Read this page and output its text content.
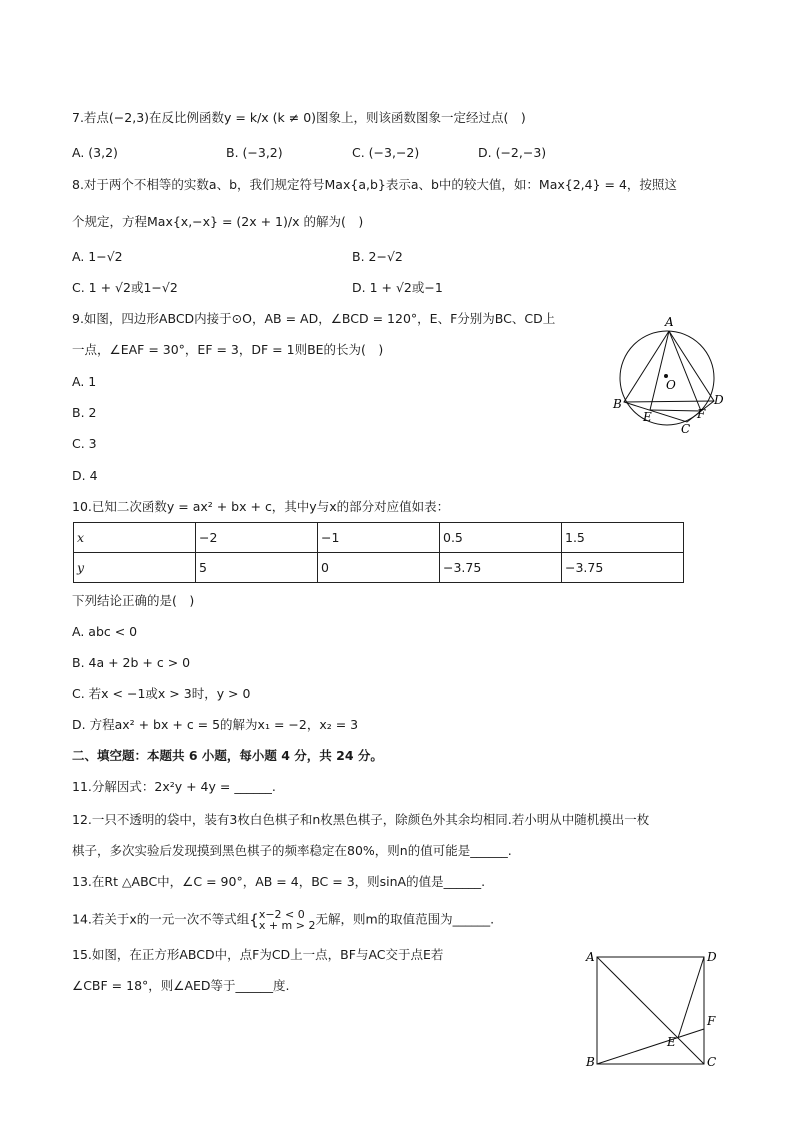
7.若点(−2,3)在反比例函数y = k/x (k ≠ 0)图象上，则该函数图象一定经过点(　)
A. (3,2)	B. (−3,2)	C. (−3,−2)	D. (−2,−3)
8.对于两个不相等的实数a、b，我们规定符号Max{a,b}表示a、b中的较大值，如：Max{2,4} = 4，按照这
个规定，方程Max{x,−x} = (2x + 1)/x 的解为(　)
A. 1−√2	B. 2−√2
C. 1 + √2或1−√2	D. 1 + √2或−1
9.如图，四边形ABCD内接于⊙O，AB = AD，∠BCD = 120°，E、F分别为BC、CD上
一点，∠EAF = 30°，EF = 3，DF = 1则BE的长为(　)
A. 1
B. 2
C. 3
D. 4
A
O
B
E
C
F
D
10.已知二次函数y = ax² + bx + c，其中y与x的部分对应值如表：
x	−2	−1	0.5	1.5
y	5	0	−3.75	−3.75
下列结论正确的是(　)
A. abc < 0
B. 4a + 2b + c > 0
C. 若x < −1或x > 3时，y > 0
D. 方程ax² + bx + c = 5的解为x₁ = −2，x₂ = 3
二、填空题：本题共 6 小题，每小题 4 分，共 24 分。
11.分解因式：2x²y + 4y = ______.
12.一只不透明的袋中，装有3枚白色棋子和n枚黑色棋子，除颜色外其余均相同.若小明从中随机摸出一枚
棋子，多次实验后发现摸到黑色棋子的频率稳定在80%，则n的值可能是______.
13.在Rt △ABC中，∠C = 90°，AB = 4，BC = 3，则sinA的值是______.
14.若关于x的一元一次不等式组{ x−2 < 0
x + m > 2 无解，则m的取值范围为______.
15.如图，在正方形ABCD中，点F为CD上一点，BF与AC交于点E若
∠CBF = 18°，则∠AED等于______度.
A	D
F
E
B	C
